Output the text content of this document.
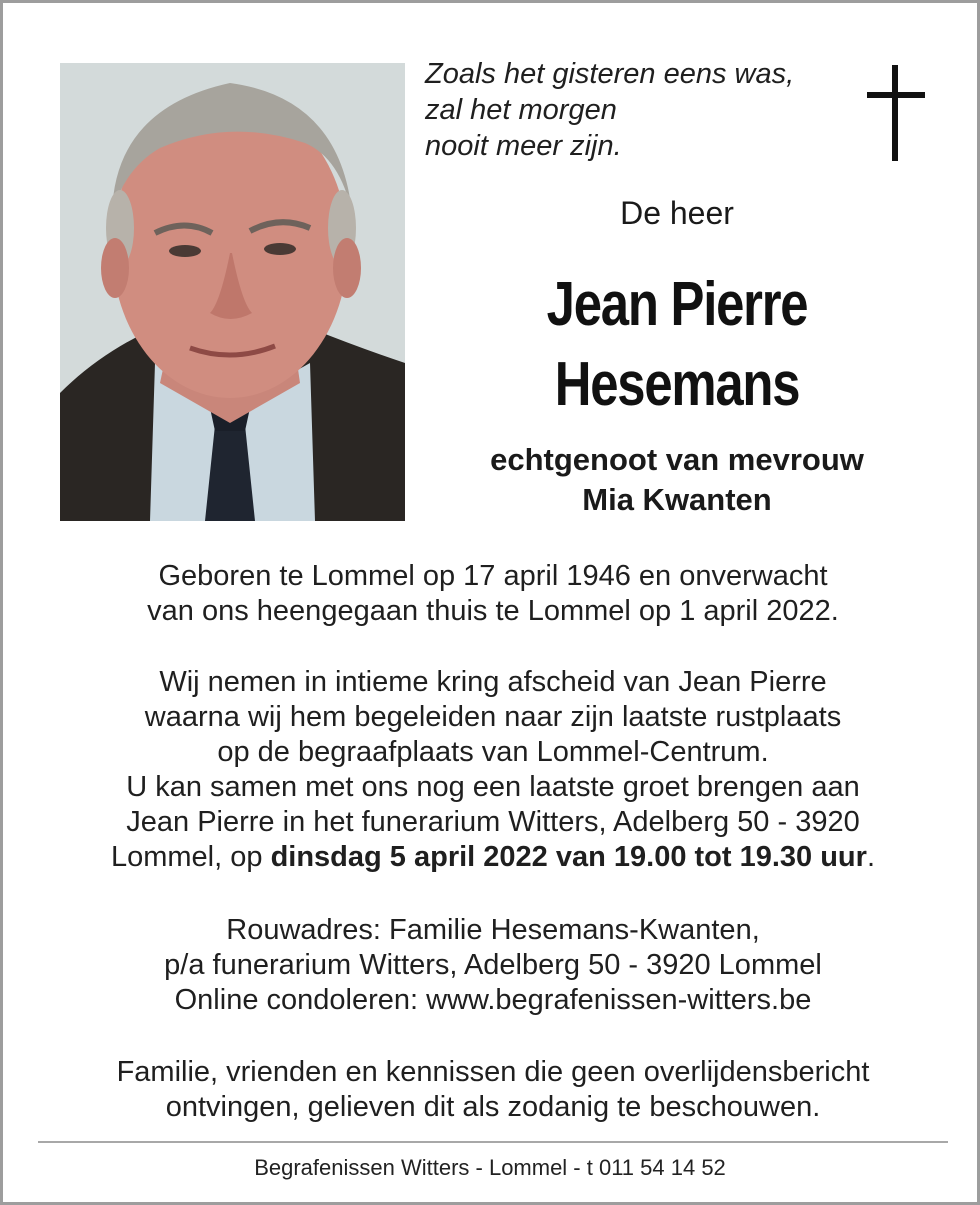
Zoals het gisteren eens was,
zal het morgen
nooit meer zijn.
De heer
Jean Pierre
Hesemans
echtgenoot van mevrouw
Mia Kwanten
Geboren te Lommel op 17 april 1946 en onverwacht
van ons heengegaan thuis te Lommel op 1 april 2022.
Wij nemen in intieme kring afscheid van Jean Pierre
waarna wij hem begeleiden naar zijn laatste rustplaats
op de begraafplaats van Lommel-Centrum.
U kan samen met ons nog een laatste groet brengen aan
Jean Pierre in het funerarium Witters, Adelberg 50 - 3920
Lommel, op dinsdag 5 april 2022 van 19.00 tot 19.30 uur.
Rouwadres: Familie Hesemans-Kwanten,
p/a funerarium Witters, Adelberg 50 - 3920 Lommel
Online condoleren: www.begrafenissen-witters.be
Familie, vrienden en kennissen die geen overlijdensbericht
ontvingen, gelieven dit als zodanig te beschouwen.
Begrafenissen Witters - Lommel - t 011 54 14 52
